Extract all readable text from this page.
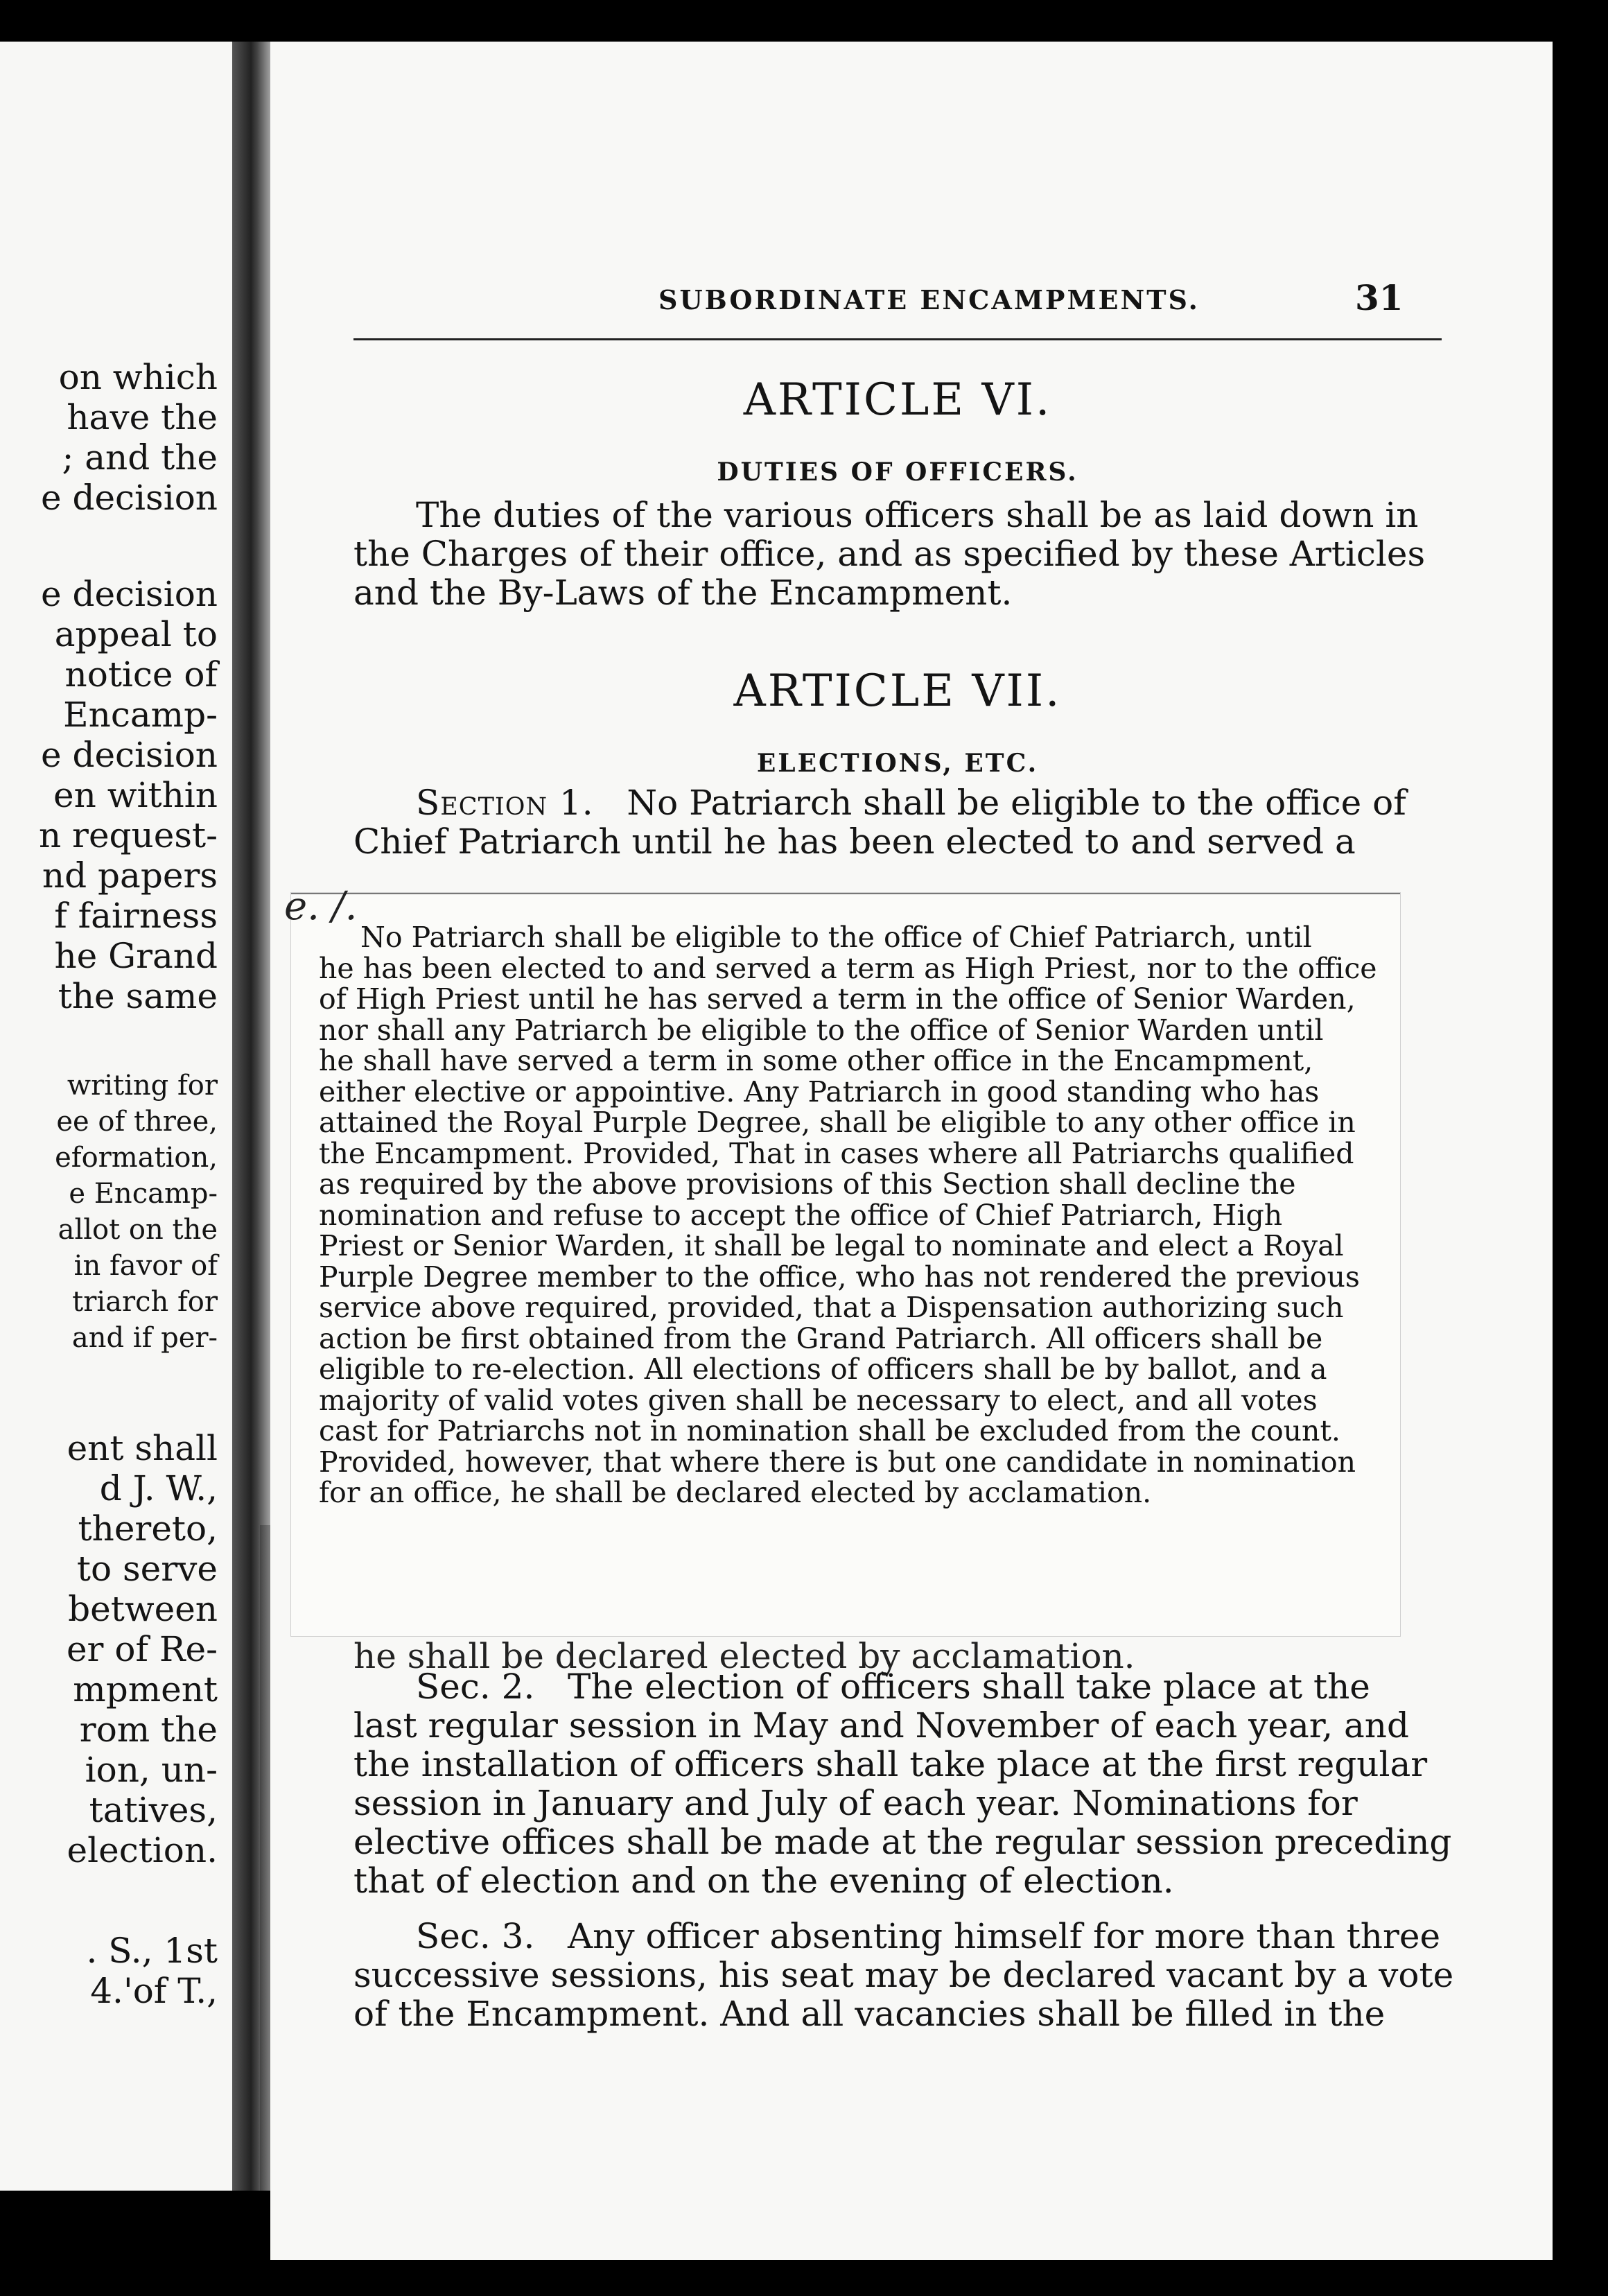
on which
have the
; and the
e decision
e decision
appeal to
notice of
Encamp-
e decision
en within
n request-
nd papers
f fairness
he Grand
the same
writing for
ee of three,
eformation,
e Encamp-
allot on the
in favor of
triarch for
and if per-
ent shall
d J. W.,
thereto,
to serve
between
er of Re-
mpment
rom the
ion, un-
tatives,
election.
. S., 1st
4.'of T.,
SUBORDINATE ENCAMPMENTS.	31
ARTICLE VI.
DUTIES OF OFFICERS.
The duties of the various officers shall be as laid down in
the Charges of their office, and as specified by these Articles
and the By-Laws of the Encampment.
ARTICLE VII.
ELECTIONS, ETC.
Section 1. No Patriarch shall be eligible to the office of
Chief Patriarch until he has been elected to and served a
No Patriarch shall be eligible to the office of Chief Patriarch, until
he has been elected to and served a term as High Priest, nor to the office
of High Priest until he has served a term in the office of Senior Warden,
nor shall any Patriarch be eligible to the office of Senior Warden until
he shall have served a term in some other office in the Encampment,
either elective or appointive. Any Patriarch in good standing who has
attained the Royal Purple Degree, shall be eligible to any other office in
the Encampment. Provided, That in cases where all Patriarchs qualified
as required by the above provisions of this Section shall decline the
nomination and refuse to accept the office of Chief Patriarch, High
Priest or Senior Warden, it shall be legal to nominate and elect a Royal
Purple Degree member to the office, who has not rendered the previous
service above required, provided, that a Dispensation authorizing such
action be first obtained from the Grand Patriarch. All officers shall be
eligible to re-election. All elections of officers shall be by ballot, and a
majority of valid votes given shall be necessary to elect, and all votes
cast for Patriarchs not in nomination shall be excluded from the count.
Provided, however, that where there is but one candidate in nomination
for an office, he shall be declared elected by acclamation.
e. /.
he shall be declared elected by acclamation.
Sec. 2. The election of officers shall take place at the
last regular session in May and November of each year, and
the installation of officers shall take place at the first regular
session in January and July of each year. Nominations for
elective offices shall be made at the regular session preceding
that of election and on the evening of election.
Sec. 3. Any officer absenting himself for more than three
successive sessions, his seat may be declared vacant by a vote
of the Encampment. And all vacancies shall be filled in the
